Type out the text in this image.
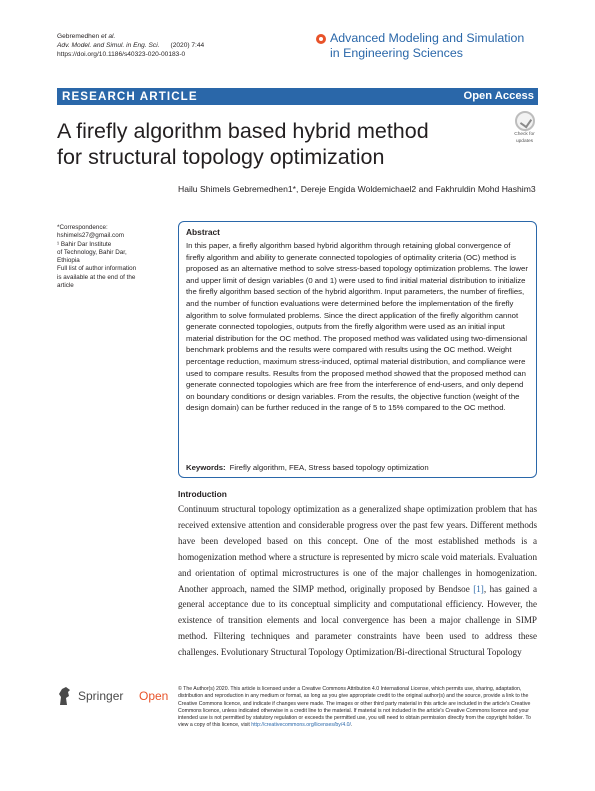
Gebremedhen et al.
Adv. Model. and Simul. in Eng. Sci. (2020) 7:44
https://doi.org/10.1186/s40323-020-00183-0
Advanced Modeling and Simulation
in Engineering Sciences
RESEARCH ARTICLE	Open Access
A firefly algorithm based hybrid method
for structural topology optimization
Check for
updates
Hailu Shimels Gebremedhen1*, Dereje Engida Woldemichael2 and Fakhruldin Mohd Hashim3
*Correspondence:
hshimels27@gmail.com
¹ Bahir Dar Institute
of Technology, Bahir Dar,
Ethiopia
Full list of author information
is available at the end of the
article
Abstract
In this paper, a firefly algorithm based hybrid algorithm through retaining global convergence of firefly algorithm and ability to generate connected topologies of optimality criteria (OC) method is proposed as an alternative method to solve stress-based topology optimization problems. The lower and upper limit of design variables (0 and 1) were used to find initial material distribution to initialize the firefly algorithm based section of the hybrid algorithm. Input parameters, the number of fireflies, and the number of function evaluations were determined before the implementation of the firefly algorithm to solve formulated problems. Since the direct application of the firefly algorithm cannot generate connected topologies, outputs from the firefly algorithm were used as an initial input material distribution for the OC method. The proposed method was validated using two-dimensional benchmark problems and the results were compared with results using the OC method. Weight percentage reduction, maximum stress-induced, optimal material distribution, and compliance were used to compare results. Results from the proposed method showed that the proposed method can generate connected topologies which are free from the interference of end-users, and only depend on boundary conditions or design variables. From the results, the objective function (weight of the design domain) can be further reduced in the range of 5 to 15% compared to the OC method.
Keywords: Firefly algorithm, FEA, Stress based topology optimization
Introduction
Continuum structural topology optimization as a generalized shape optimization problem that has received extensive attention and considerable progress over the past few years. Different methods have been developed based on this concept. One of the most established methods is a homogenization method where a structure is represented by micro scale void materials. Evaluation and orientation of optimal microstructures is one of the major challenges in homogenization. Another approach, named the SIMP method, originally proposed by Bendsoe [1], has gained a general acceptance due to its conceptual simplicity and computational efficiency. However, the existence of transition elements and local convergence has been a major challenge in SIMP method. Filtering techniques and parameter constraints have been used to address these challenges. Evolutionary Structural Topology Optimization/Bi-directional Structural Topology
Springer Open © The Author(s) 2020. This article is licensed under a Creative Commons Attribution 4.0 International License, which permits use, sharing, adaptation, distribution and reproduction in any medium or format, as long as you give appropriate credit to the original author(s) and the source, provide a link to the Creative Commons licence, and indicate if changes were made. The images or other third party material in this article are included in the article's Creative Commons licence, unless indicated otherwise in a credit line to the material. If material is not included in the article's Creative Commons licence and your intended use is not permitted by statutory regulation or exceeds the permitted use, you will need to obtain permission directly from the copyright holder. To view a copy of this licence, visit http://creativecommons.org/licenses/by/4.0/.
